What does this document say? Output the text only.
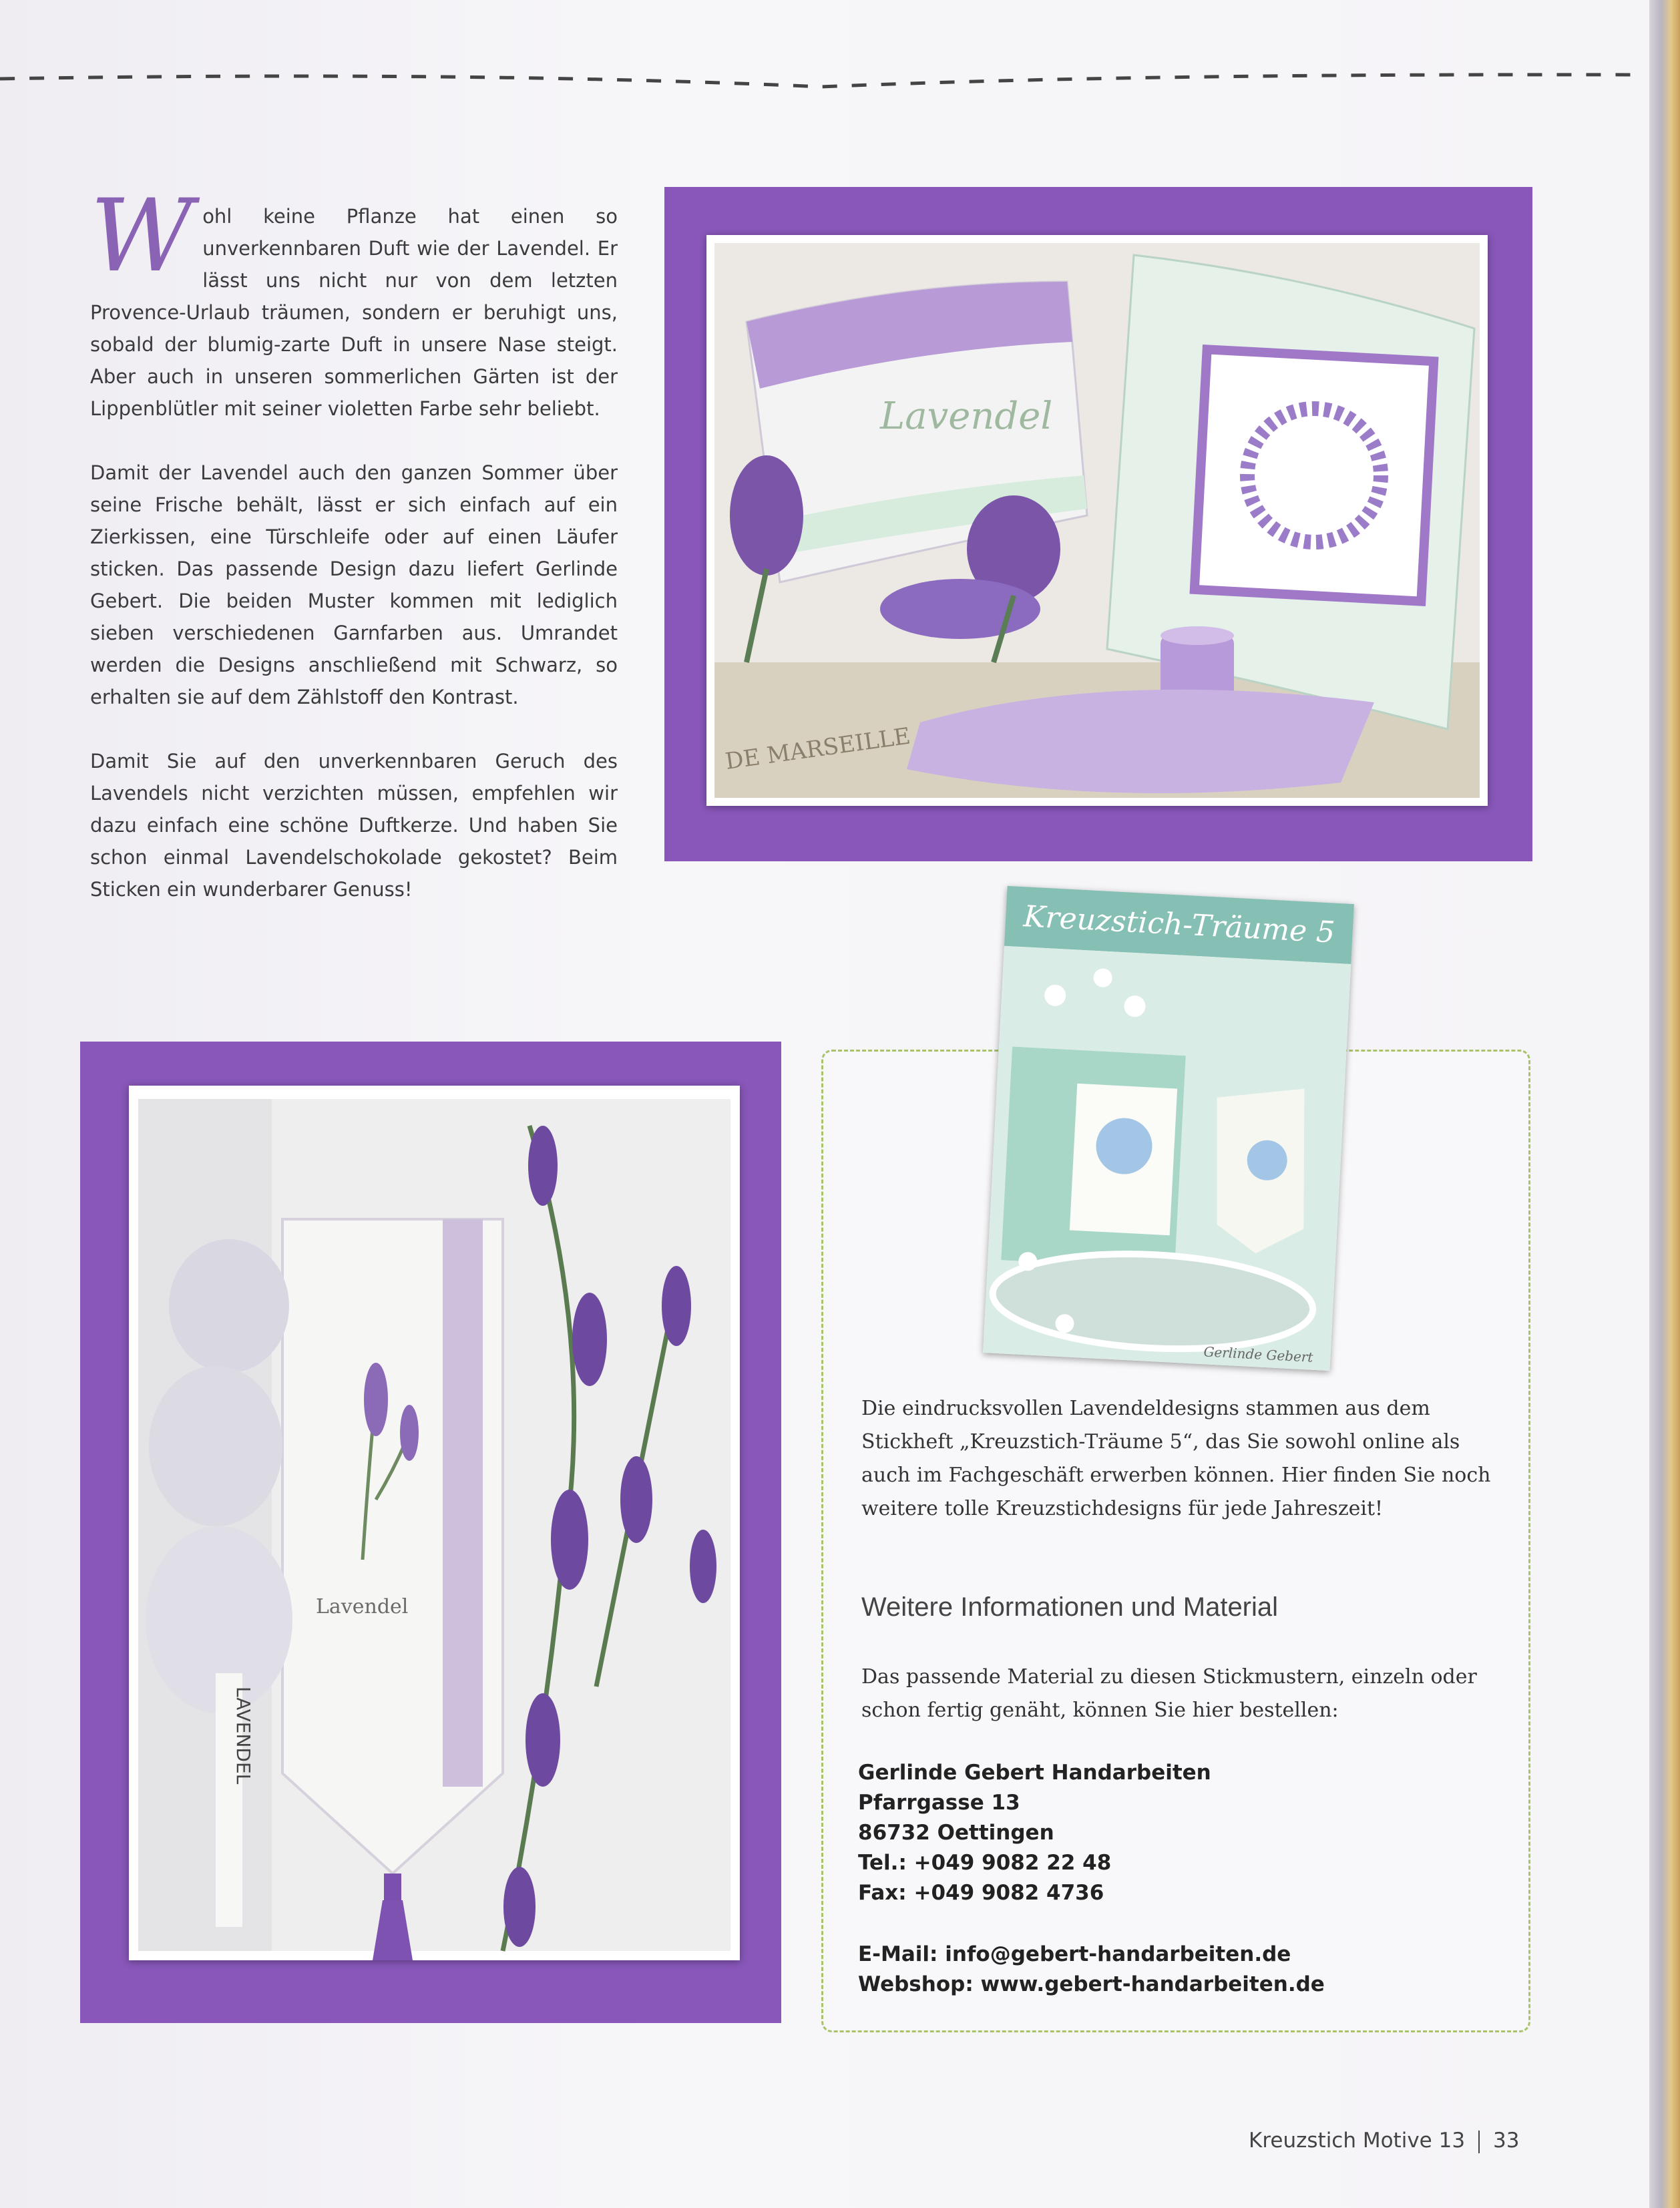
Wohl keine Pflanze hat einen so unverkennbaren Duft wie der Lavendel. Er lässt uns nicht nur von dem letzten Provence-Urlaub träumen, sondern er beruhigt uns, sobald der blumig-zarte Duft in unsere Nase steigt. Aber auch in unseren sommerlichen Gärten ist der Lippenblütler mit seiner violetten Farbe sehr beliebt.

Damit der Lavendel auch den ganzen Sommer über seine Frische behält, lässt er sich einfach auf ein Zierkissen, eine Türschleife oder auf einen Läufer sticken. Das passende Design dazu liefert Gerlinde Gebert. Die beiden Muster kommen mit lediglich sieben verschiedenen Garnfarben aus. Umrandet werden die Designs anschließend mit Schwarz, so erhalten sie auf dem Zählstoff den Kontrast.

Damit Sie auf den unverkennbaren Geruch des Lavendels nicht verzichten müssen, empfehlen wir dazu einfach eine schöne Duftkerze. Und haben Sie schon einmal Lavendelschokolade gekostet? Beim Sticken ein wunderbarer Genuss!

Lavendel
DE MARSEILLE
Lavendel
LAVENDEL
Kreuzstich-Träume 5
Gerlinde Gebert
Die eindrucksvollen Lavendeldesigns stammen aus dem Stickheft „Kreuzstich-Träume 5“, das Sie sowohl online als auch im Fachgeschäft erwerben können. Hier finden Sie noch weitere tolle Kreuzstichdesigns für jede Jahreszeit!
Weitere Informationen und Material
Das passende Material zu diesen Stickmustern, einzeln oder schon fertig genäht, können Sie hier bestellen:
Gerlinde Gebert Handarbeiten
Pfarrgasse 13
86732 Oettingen
Tel.: +049 9082 22 48
Fax: +049 9082 4736
E-Mail: info@gebert-handarbeiten.de
Webshop: www.gebert-handarbeiten.de
Kreuzstich Motive 13 33
